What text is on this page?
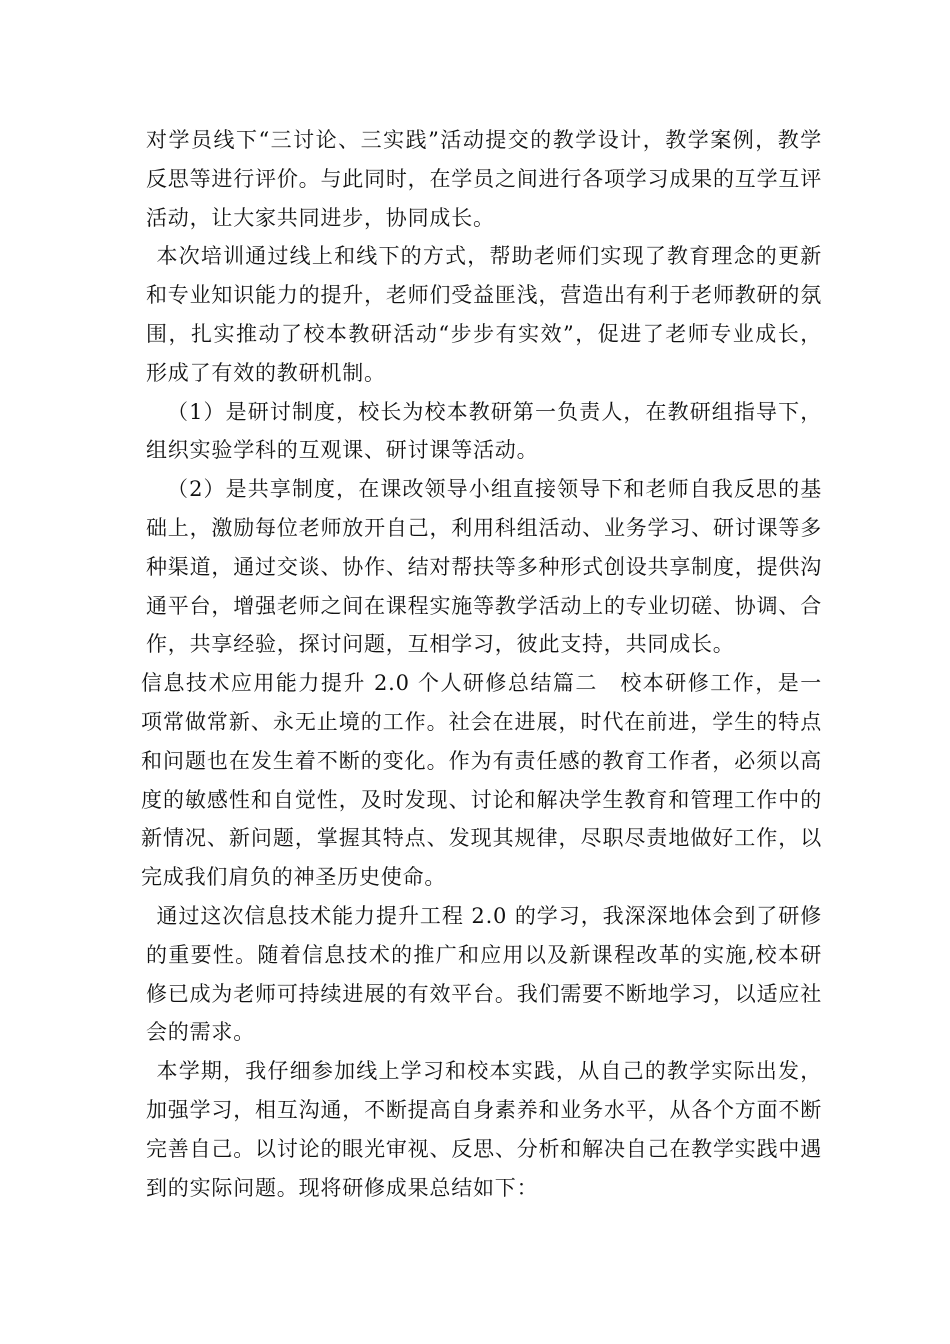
对学员线下“三讨论、三实践”活动提交的教学设计，教学案例，教学反思等进行评价。与此同时，在学员之间进行各项学习成果的互学互评活动，让大家共同进步，协同成长。

本次培训通过线上和线下的方式，帮助老师们实现了教育理念的更新和专业知识能力的提升，老师们受益匪浅，营造出有利于老师教研的氛围，扎实推动了校本教研活动“步步有实效”，促进了老师专业成长，形成了有效的教研机制。

（1）是研讨制度，校长为校本教研第一负责人，在教研组指导下，组织实验学科的互观课、研讨课等活动。

（2）是共享制度，在课改领导小组直接领导下和老师自我反思的基础上，激励每位老师放开自己，利用科组活动、业务学习、研讨课等多种渠道，通过交谈、协作、结对帮扶等多种形式创设共享制度，提供沟通平台，增强老师之间在课程实施等教学活动上的专业切磋、协调、合作，共享经验，探讨问题，互相学习，彼此支持，共同成长。

信息技术应用能力提升 2.0 个人研修总结篇二　校本研修工作，是一项常做常新、永无止境的工作。社会在进展，时代在前进，学生的特点和问题也在发生着不断的变化。作为有责任感的教育工作者，必须以高度的敏感性和自觉性，及时发现、讨论和解决学生教育和管理工作中的新情况、新问题，掌握其特点、发现其规律，尽职尽责地做好工作，以完成我们肩负的神圣历史使命。

通过这次信息技术能力提升工程 2.0 的学习，我深深地体会到了研修的重要性。随着信息技术的推广和应用以及新课程改革的实施,校本研修已成为老师可持续进展的有效平台。我们需要不断地学习，以适应社会的需求。

本学期，我仔细参加线上学习和校本实践，从自己的教学实际出发，加强学习，相互沟通，不断提高自身素养和业务水平，从各个方面不断完善自己。以讨论的眼光审视、反思、分析和解决自己在教学实践中遇到的实际问题。现将研修成果总结如下：
